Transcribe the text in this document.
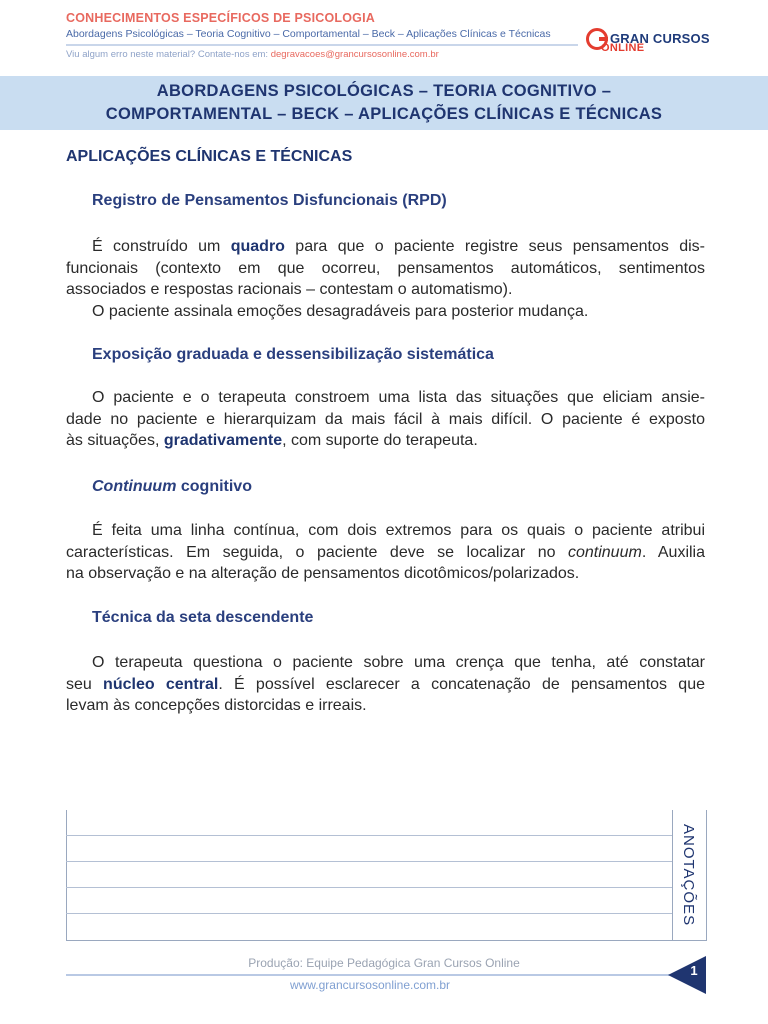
CONHECIMENTOS ESPECÍFICOS DE PSICOLOGIA
Abordagens Psicológicas – Teoria Cognitivo – Comportamental – Beck – Aplicações Clínicas e Técnicas
Viu algum erro neste material? Contate-nos em: degravacoes@grancursosonline.com.br
GRAN CURSOS
ONLINE
ABORDAGENS PSICOLÓGICAS – TEORIA COGNITIVO –
COMPORTAMENTAL – BECK – APLICAÇÕES CLÍNICAS E TÉCNICAS
APLICAÇÕES CLÍNICAS E TÉCNICAS
Registro de Pensamentos Disfuncionais (RPD)
É construído um quadro para que o paciente registre seus pensamentos dis-
funcionais (contexto em que ocorreu, pensamentos automáticos, sentimentos
associados e respostas racionais – contestam o automatismo).
O paciente assinala emoções desagradáveis para posterior mudança.
Exposição graduada e dessensibilização sistemática
O paciente e o terapeuta constroem uma lista das situações que eliciam ansie-
dade no paciente e hierarquizam da mais fácil à mais difícil. O paciente é exposto
às situações, gradativamente, com suporte do terapeuta.
Continuum cognitivo
É feita uma linha contínua, com dois extremos para os quais o paciente atribui
características. Em seguida, o paciente deve se localizar no continuum. Auxilia
na observação e na alteração de pensamentos dicotômicos/polarizados.
Técnica da seta descendente
O terapeuta questiona o paciente sobre uma crença que tenha, até constatar
seu núcleo central. É possível esclarecer a concatenação de pensamentos que
levam às concepções distorcidas e irreais.
ANOTAÇÕES
Produção: Equipe Pedagógica Gran Cursos Online
www.grancursosonline.com.br
1
